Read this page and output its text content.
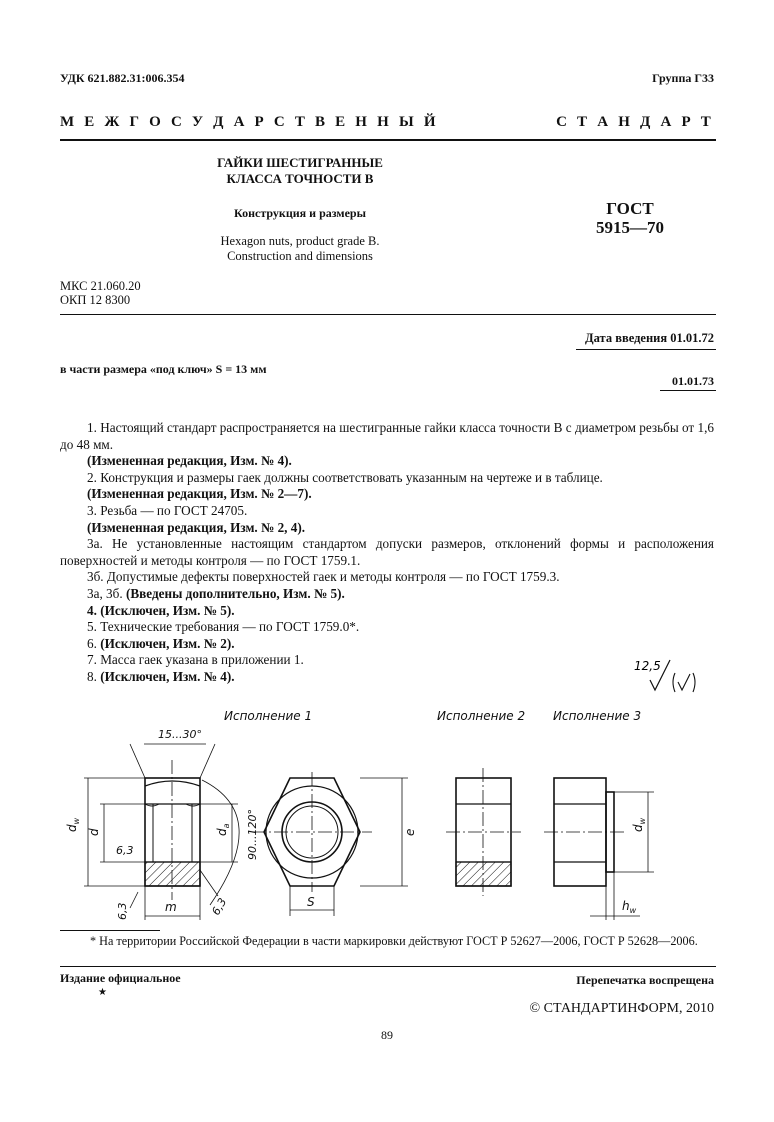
УДК 621.882.31:006.354	Группа Г33
М Е Ж Г О С У Д А Р С Т В Е Н Н Ы Й	С Т А Н Д А Р Т
ГАЙКИ ШЕСТИГРАННЫЕ
КЛАССА ТОЧНОСТИ В
Конструкция и размеры
Hexagon nuts, product grade B.
Construction and dimensions
ГОСТ
5915—70
МКС 21.060.20
ОКП 12 8300
Дата введения 01.01.72
в части размера «под ключ» S = 13 мм
01.01.73

1. Настоящий стандарт распространяется на шестигранные гайки класса точности В с диаметром резьбы от 1,6 до 48 мм.

(Измененная редакция, Изм. № 4).

2. Конструкция и размеры гаек должны соответствовать указанным на чертеже и в таблице.

(Измененная редакция, Изм. № 2—7).

3. Резьба — по ГОСТ 24705.

(Измененная редакция, Изм. № 2, 4).

3а. Не установленные настоящим стандартом допуски размеров, отклонений формы и расположения поверхностей и методы контроля — по ГОСТ 1759.1.

3б. Допустимые дефекты поверхностей гаек и методы контроля — по ГОСТ 1759.3.

3а, 3б. (Введены дополнительно, Изм. № 5).

4. (Исключен, Изм. № 5).

5. Технические требования — по ГОСТ 1759.0*.

6. (Исключен, Изм. № 2).

7. Масса гаек указана в приложении 1.

8. (Исключен, Изм. № 4).

12,5
Исполнение 1	Исполнение 2 Исполнение 3
15...30°
$d_w$
d	$d_a$ 90...120°
6,3
6,3	6,3
m	S
e
$d_w$
$h_w$
* На территории Российской Федерации в части маркировки действуют ГОСТ Р 52627—2006, ГОСТ Р 52628—2006.
Издание официальное
★
Перепечатка воспрещена
© СТАНДАРТИНФОРМ, 2010
89
